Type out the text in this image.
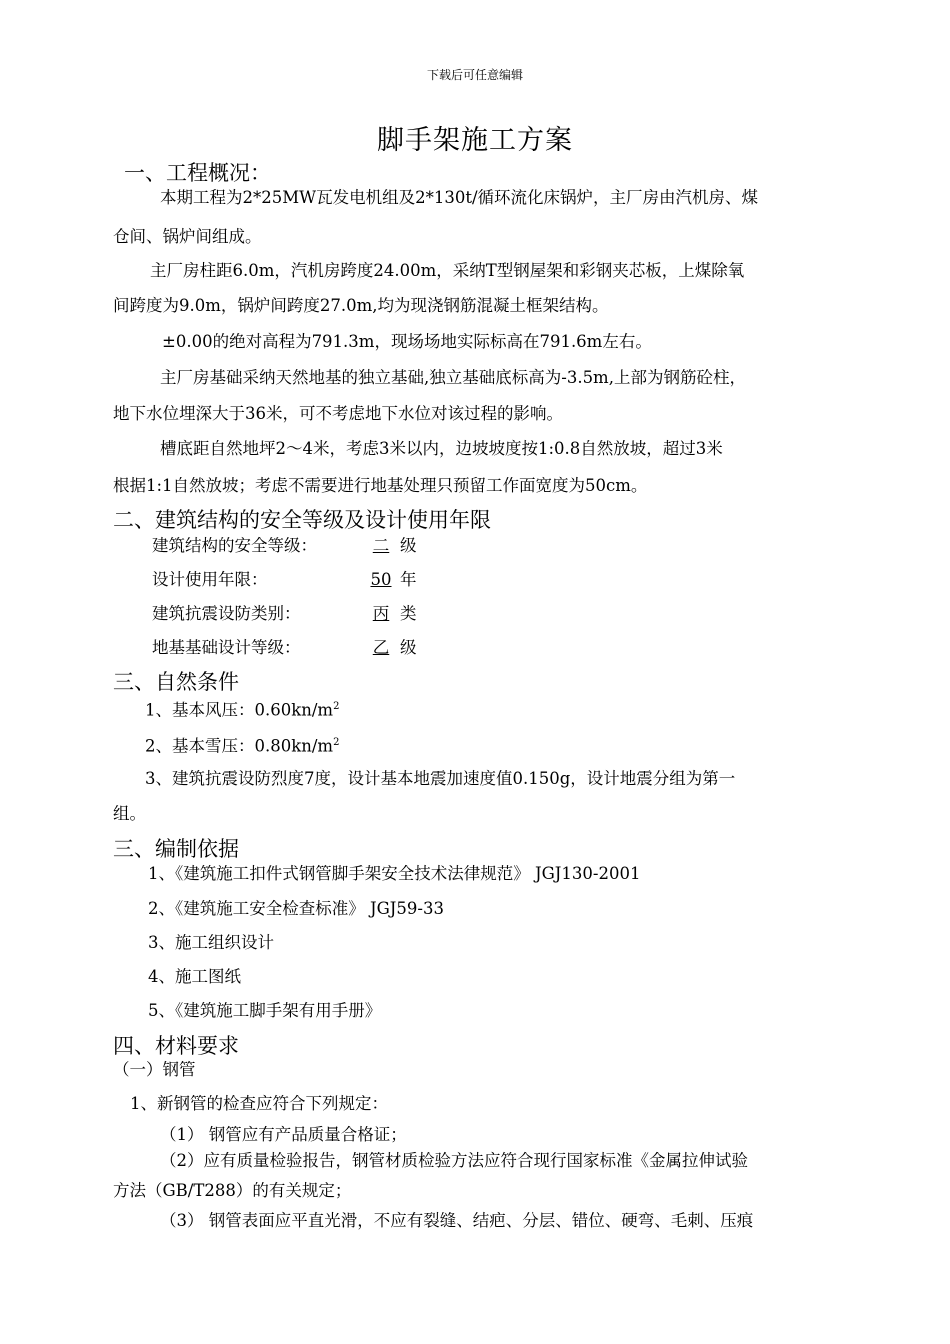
下载后可任意编辑
脚手架施工方案
一、工程概况：
本期工程为2*25MW瓦发电机组及2*130t/循环流化床锅炉，主厂房由汽机房、煤
仓间、锅炉间组成。
主厂房柱距6.0m，汽机房跨度24.00m，采纳T型钢屋架和彩钢夹芯板，上煤除氧
间跨度为9.0m，锅炉间跨度27.0m,均为现浇钢筋混凝土框架结构。
±0.00的绝对高程为791.3m，现场场地实际标高在791.6m左右。
主厂房基础采纳天然地基的独立基础,独立基础底标高为-3.5m,上部为钢筋砼柱，
地下水位埋深大于36米，可不考虑地下水位对该过程的影响。
槽底距自然地坪2～4米，考虑3米以内，边坡坡度按1:0.8自然放坡，超过3米
根据1:1自然放坡；考虑不需要进行地基处理只预留工作面宽度为50cm。
二、建筑结构的安全等级及设计使用年限
建筑结构的安全等级：	二 级
设计使用年限：	50 年
建筑抗震设防类别：	丙 类
地基基础设计等级：	乙 级
三、自然条件
1、基本风压：$0.60kn/m^2$
2、基本雪压：$0.80kn/m^2$
3、建筑抗震设防烈度7度，设计基本地震加速度值0.150g，设计地震分组为第一
组。
三、编制依据
1、《建筑施工扣件式钢管脚手架安全技术法律规范》 JGJ130-2001
2、《建筑施工安全检查标准》 JGJ59-33
3、施工组织设计
4、施工图纸
5、《建筑施工脚手架有用手册》
四、材料要求
（一）钢管
1、新钢管的检查应符合下列规定：
（1） 钢管应有产品质量合格证；
（2）应有质量检验报告，钢管材质检验方法应符合现行国家标准《金属拉伸试验
方法（GB/T288）的有关规定；
（3） 钢管表面应平直光滑，不应有裂缝、结疤、分层、错位、硬弯、毛刺、压痕
